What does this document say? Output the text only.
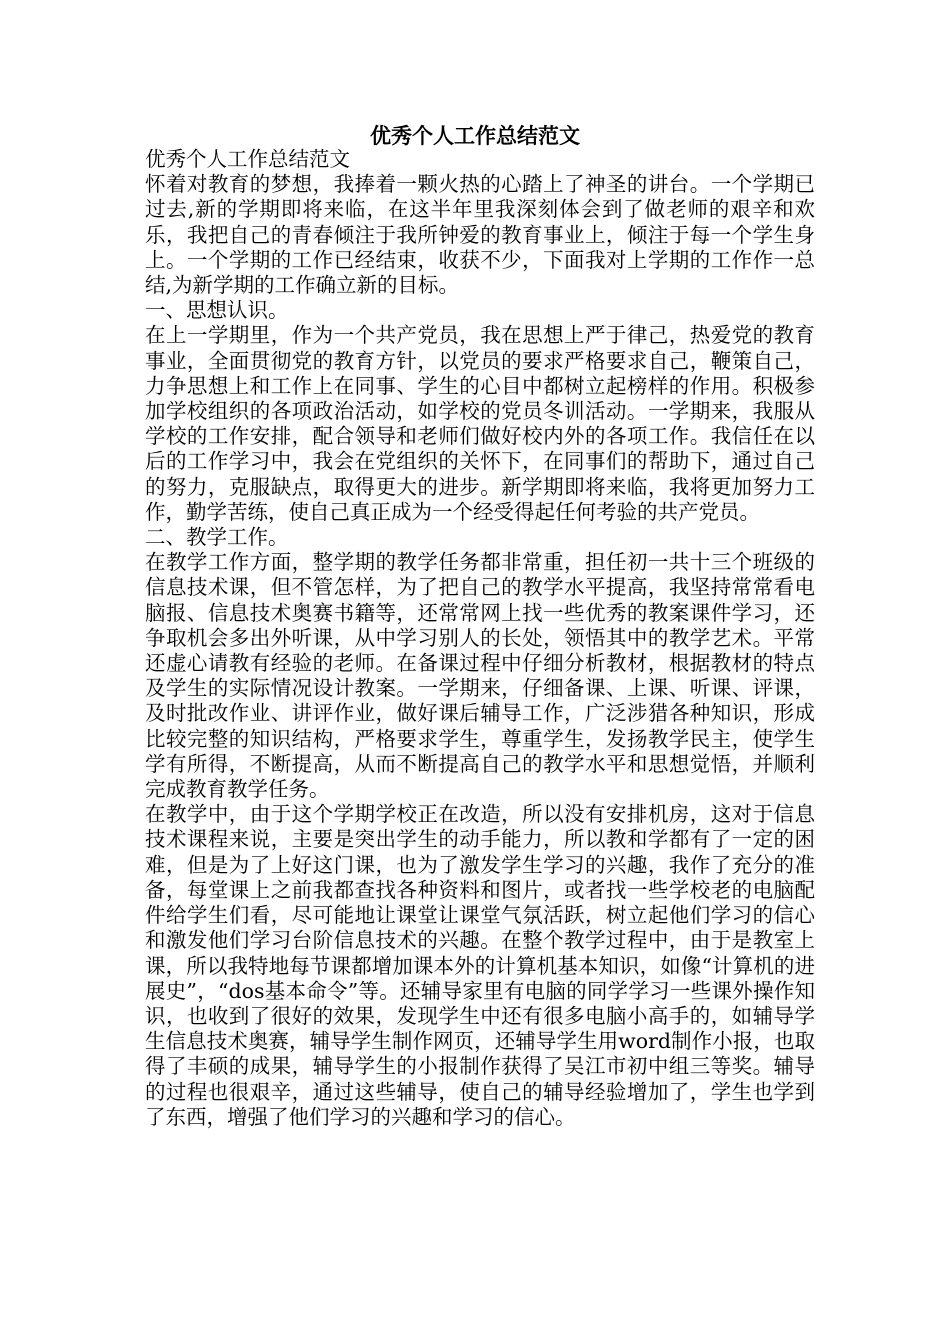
优秀个人工作总结范文

优秀个人工作总结范文

怀着对教育的梦想，我捧着一颗火热的心踏上了神圣的讲台。一个学期已过去,新的学期即将来临，在这半年里我深刻体会到了做老师的艰辛和欢乐，我把自己的青春倾注于我所钟爱的教育事业上，倾注于每一个学生身上。一个学期的工作已经结束，收获不少，下面我对上学期的工作作一总结,为新学期的工作确立新的目标。

一、思想认识。

在上一学期里，作为一个共产党员，我在思想上严于律己，热爱党的教育事业，全面贯彻党的教育方针，以党员的要求严格要求自己，鞭策自己，力争思想上和工作上在同事、学生的心目中都树立起榜样的作用。积极参加学校组织的各项政治活动，如学校的党员冬训活动。一学期来，我服从学校的工作安排，配合领导和老师们做好校内外的各项工作。我信任在以后的工作学习中，我会在党组织的关怀下，在同事们的帮助下，通过自己的努力，克服缺点，取得更大的进步。新学期即将来临，我将更加努力工作，勤学苦练，使自己真正成为一个经受得起任何考验的共产党员。

二、教学工作。

在教学工作方面，整学期的教学任务都非常重，担任初一共十三个班级的信息技术课，但不管怎样，为了把自己的教学水平提高，我坚持常常看电脑报、信息技术奥赛书籍等，还常常网上找一些优秀的教案课件学习，还争取机会多出外听课，从中学习别人的长处，领悟其中的教学艺术。平常还虚心请教有经验的老师。在备课过程中仔细分析教材，根据教材的特点及学生的实际情况设计教案。一学期来，仔细备课、上课、听课、评课，及时批改作业、讲评作业，做好课后辅导工作，广泛涉猎各种知识，形成比较完整的知识结构，严格要求学生，尊重学生，发扬教学民主，使学生学有所得，不断提高，从而不断提高自己的教学水平和思想觉悟，并顺利完成教育教学任务。

在教学中，由于这个学期学校正在改造，所以没有安排机房，这对于信息技术课程来说，主要是突出学生的动手能力，所以教和学都有了一定的困难，但是为了上好这门课，也为了激发学生学习的兴趣，我作了充分的准备，每堂课上之前我都查找各种资料和图片，或者找一些学校老的电脑配件给学生们看，尽可能地让课堂让课堂气氛活跃，树立起他们学习的信心和激发他们学习台阶信息技术的兴趣。在整个教学过程中，由于是教室上课，所以我特地每节课都增加课本外的计算机基本知识，如像“计算机的进展史”，“dos基本命令”等。还辅导家里有电脑的同学学习一些课外操作知识，也收到了很好的效果，发现学生中还有很多电脑小高手的，如辅导学生信息技术奥赛，辅导学生制作网页，还辅导学生用word制作小报，也取得了丰硕的成果，辅导学生的小报制作获得了吴江市初中组三等奖。辅导的过程也很艰辛，通过这些辅导，使自己的辅导经验增加了，学生也学到了东西，增强了他们学习的兴趣和学习的信心。
